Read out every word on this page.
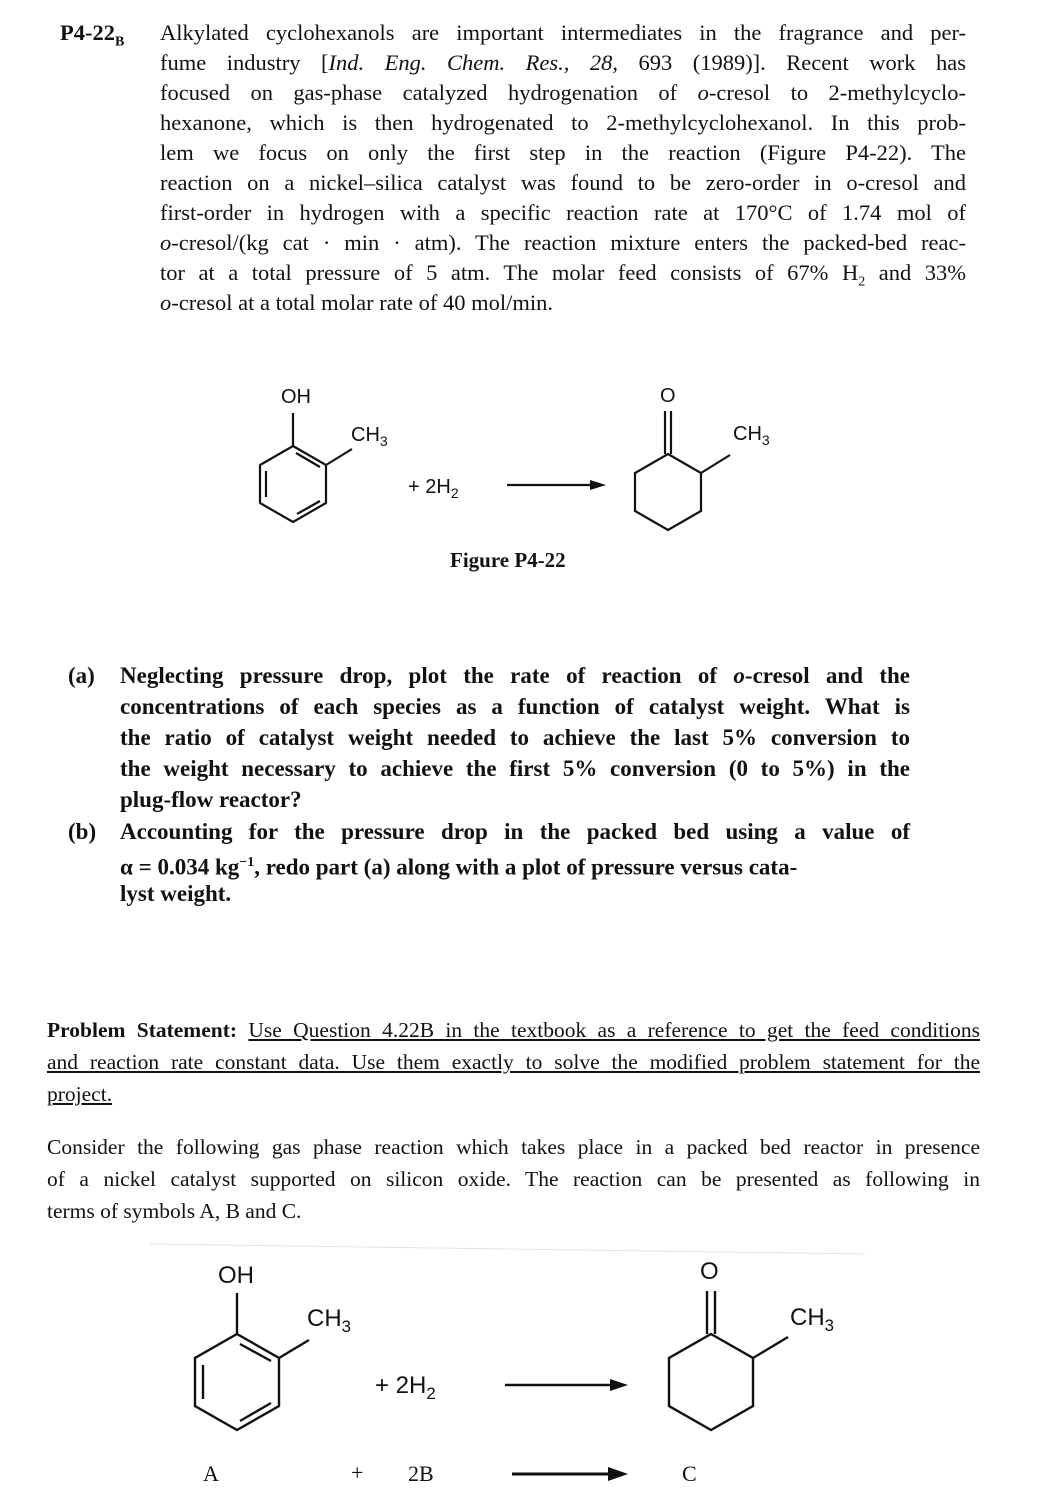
$P4-22_B$ Alkylated cyclohexanols are important intermediates in the fragrance and per-
fume industry [Ind. Eng. Chem. Res., 28, 693 (1989)]. Recent work has
focused on gas-phase catalyzed hydrogenation of o-cresol to 2-methylcyclo-
hexanone, which is then hydrogenated to 2-methylcyclohexanol. In this prob-
lem we focus on only the first step in the reaction (Figure P4-22). The
reaction on a nickel–silica catalyst was found to be zero-order in o-cresol and
first-order in hydrogen with a specific reaction rate at 170°C of 1.74 mol of
o-cresol/(kg cat · min · atm). The reaction mixture enters the packed-bed reac-
tor at a total pressure of 5 atm. The molar feed consists of 67% $H_2$ and 33%
o-cresol at a total molar rate of 40 mol/min.
OH
$CH_3$
+ $2H_2$
O
$CH_3$
Figure P4-22
(a) Neglecting pressure drop, plot the rate of reaction of o-cresol and the
concentrations of each species as a function of catalyst weight. What is
the ratio of catalyst weight needed to achieve the last 5% conversion to
the weight necessary to achieve the first 5% conversion (0 to 5%) in the
plug-flow reactor?
(b) Accounting for the pressure drop in the packed bed using a value of
α = 0.034 $kg^{-1}$, redo part (a) along with a plot of pressure versus cata-
lyst weight.
Problem Statement: Use Question 4.22B in the textbook as a reference to get the feed conditions
and reaction rate constant data. Use them exactly to solve the modified problem statement for the
project.
Consider the following gas phase reaction which takes place in a packed bed reactor in presence
of a nickel catalyst supported on silicon oxide. The reaction can be presented as following in
terms of symbols A, B and C.
OH
$CH_3$
+ $2H_2$
O
$CH_3$
A	+ 2B	C
